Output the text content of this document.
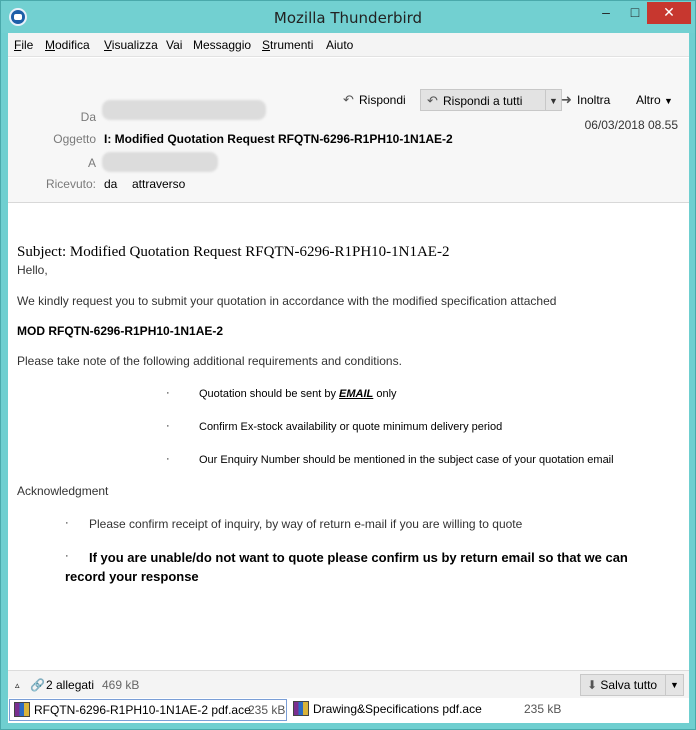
Mozilla Thunderbird	–	□	✕
File Modifica Visualizza Vai Messaggio Strumenti Aiuto
Da
Oggetto I: Modified Quotation Request RFQTN-6296-R1PH10-1N1AE-2
A
Ricevuto: da attraverso
↶ Rispondi	↶ Rispondi a tutti	▼ ➜ Inoltra Altro ▼
06/03/2018 08.55
Subject: Modified Quotation Request RFQTN-6296-R1PH10-1N1AE-2
Hello,
We kindly request you to submit your quotation in accordance with the modified specification attached
MOD RFQTN-6296-R1PH10-1N1AE-2
Please take note of the following additional requirements and conditions.
·	Quotation should be sent by EMAIL only
·	Confirm Ex-stock availability or quote minimum delivery period
·	Our Enquiry Number should be mentioned in the subject case of your quotation email
Acknowledgment
· Please confirm receipt of inquiry, by way of return e-mail if you are willing to quote
·	If you are unable/do not want to quote please confirm us by return email so that we can record your response
▵ 🔗 2 allegati 469 kB	⬇ Salva tutto	▼
RFQTN-6296-R1PH10-1N1AE-2 pdf.ace
235 kB	Drawing&Specifications pdf.ace	235 kB
